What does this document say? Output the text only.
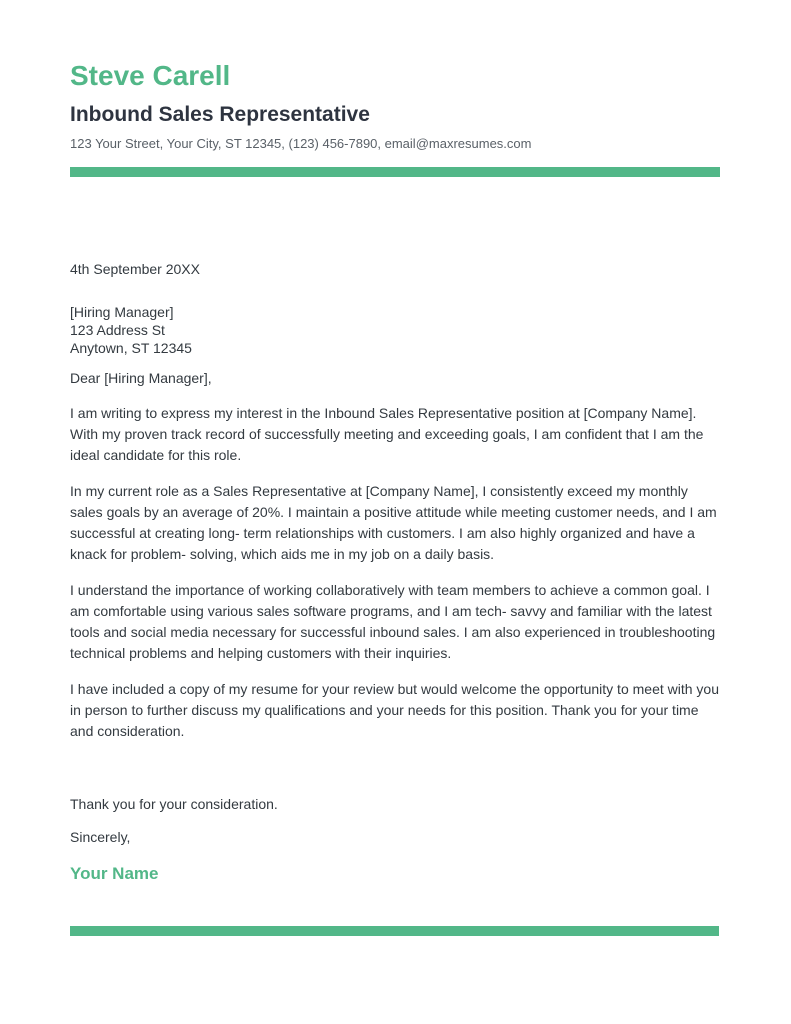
Steve Carell
Inbound Sales Representative
123 Your Street, Your City, ST 12345, (123) 456-7890, email@maxresumes.com
4th September 20XX
[Hiring Manager]
123 Address St
Anytown, ST 12345
Dear [Hiring Manager],

I am writing to express my interest in the Inbound Sales Representative position at [Company Name]. With my proven track record of successfully meeting and exceeding goals, I am confident that I am the ideal candidate for this role.

In my current role as a Sales Representative at [Company Name], I consistently exceed my monthly sales goals by an average of 20%. I maintain a positive attitude while meeting customer needs, and I am successful at creating long- term relationships with customers. I am also highly organized and have a knack for problem- solving, which aids me in my job on a daily basis.

I understand the importance of working collaboratively with team members to achieve a common goal. I am comfortable using various sales software programs, and I am tech- savvy and familiar with the latest tools and social media necessary for successful inbound sales. I am also experienced in troubleshooting technical problems and helping customers with their inquiries.

I have included a copy of my resume for your review but would welcome the opportunity to meet with you in person to further discuss my qualifications and your needs for this position. Thank you for your time and consideration.

Thank you for your consideration.
Sincerely,
Your Name
